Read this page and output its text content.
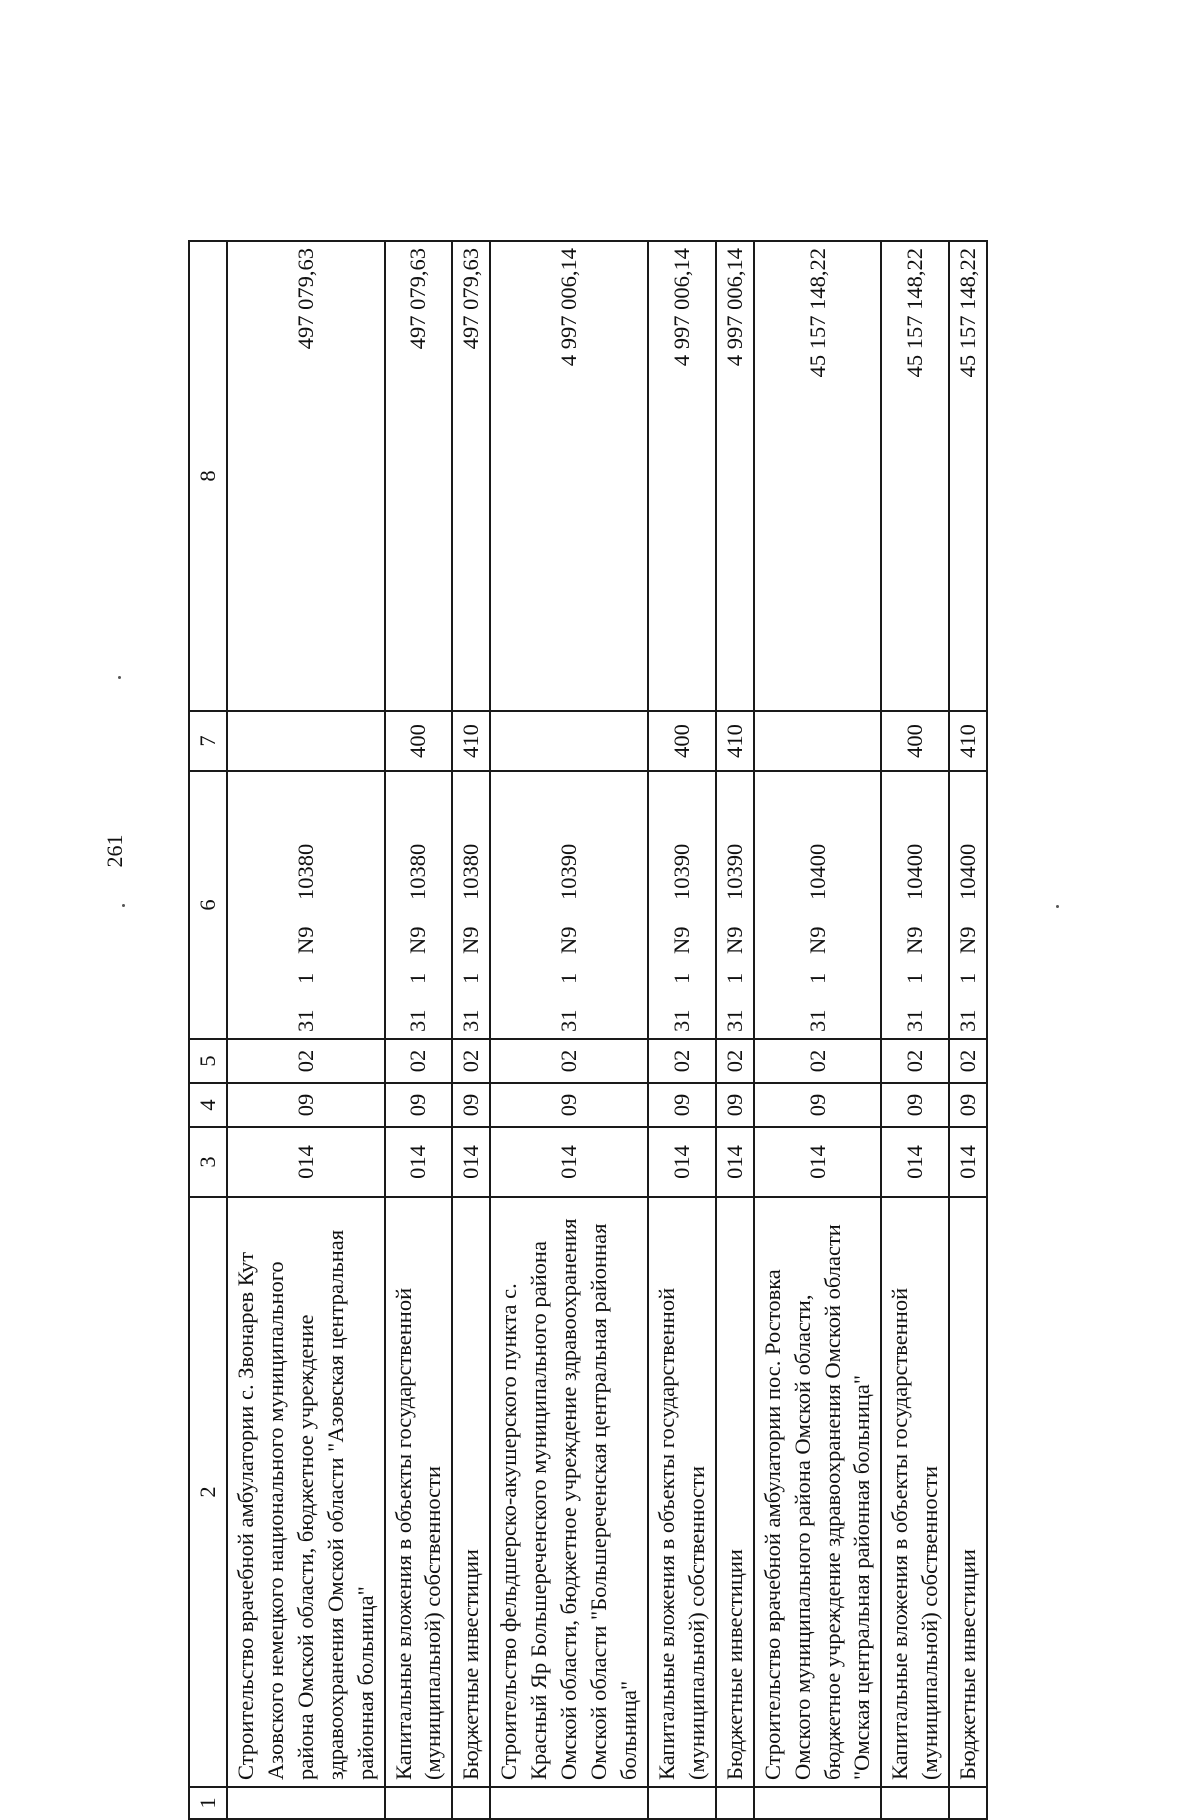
261
1	2	3	4	5	6	7	8
	Строительство врачебной амбулатории с. Звонарев Кут Азовского немецкого национального муниципального района Омской области, бюджетное учреждение здравоохранения Омской области "Азовская центральная районная больница"	014	09	02	311N910380		497 079,63
	Капитальные вложения в объекты государственной (муниципальной) собственности	014	09	02	311N910380	400	497 079,63
	Бюджетные инвестиции	014	09	02	311N910380	410	497 079,63
	Строительство фельдшерско-акушерского пункта с. Красный Яр Большереченского муниципального района Омской области, бюджетное учреждение здравоохранения Омской области "Большереченская центральная районная больница"	014	09	02	311N910390		4 997 006,14
	Капитальные вложения в объекты государственной (муниципальной) собственности	014	09	02	311N910390	400	4 997 006,14
	Бюджетные инвестиции	014	09	02	311N910390	410	4 997 006,14
	Строительство врачебной амбулатории пос. Ростовка Омского муниципального района Омской области, бюджетное учреждение здравоохранения Омской области "Омская центральная районная больница"	014	09	02	311N910400		45 157 148,22
	Капитальные вложения в объекты государственной (муниципальной) собственности	014	09	02	311N910400	400	45 157 148,22
	Бюджетные инвестиции	014	09	02	311N910400	410	45 157 148,22
